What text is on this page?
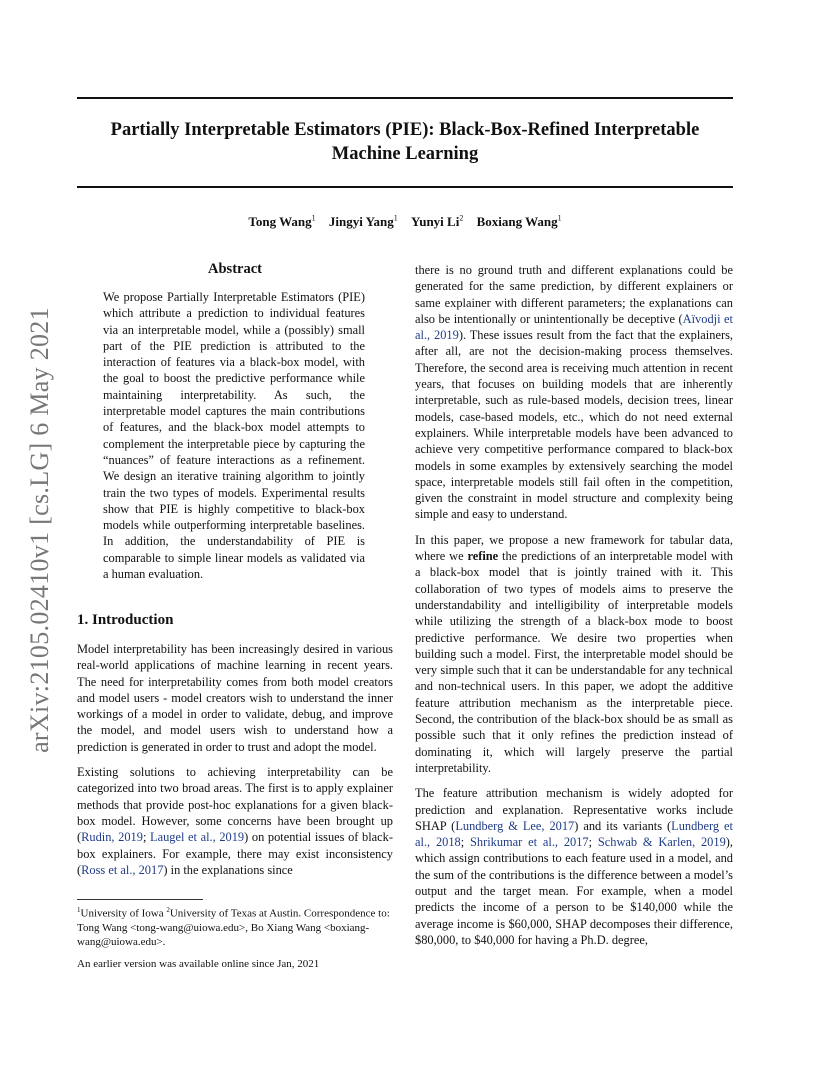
Partially Interpretable Estimators (PIE): Black-Box-Refined Interpretable Machine Learning
Tong Wang$^1$ Jingyi Yang$^1$ Yunyi Li$^2$ Boxiang Wang$^1$
arXiv:2105.02410v1 [cs.LG] 6 May 2021
Abstract
We propose Partially Interpretable Estimators (PIE) which attribute a prediction to individual features via an interpretable model, while a (possibly) small part of the PIE prediction is attributed to the interaction of features via a black-box model, with the goal to boost the predictive performance while maintaining interpretability. As such, the interpretable model captures the main contributions of features, and the black-box model attempts to complement the interpretable piece by capturing the “nuances” of feature interactions as a refinement. We design an iterative training algorithm to jointly train the two types of models. Experimental results show that PIE is highly competitive to black-box models while outperforming interpretable baselines. In addition, the understandability of PIE is comparable to simple linear models as validated via a human evaluation.
1. Introduction

Model interpretability has been increasingly desired in various real-world applications of machine learning in recent years. The need for interpretability comes from both model creators and model users - model creators wish to understand the inner workings of a model in order to validate, debug, and improve the model, and model users wish to understand how a prediction is generated in order to trust and adopt the model.

Existing solutions to achieving interpretability can be categorized into two broad areas. The first is to apply explainer methods that provide post-hoc explanations for a given black-box model. However, some concerns have been brought up (Rudin, 2019; Laugel et al., 2019) on potential issues of black-box explainers. For example, there may exist inconsistency (Ross et al., 2017) in the explanations since

there is no ground truth and different explanations could be generated for the same prediction, by different explainers or same explainer with different parameters; the explanations can also be intentionally or unintentionally be deceptive (Aïvodji et al., 2019). These issues result from the fact that the explainers, after all, are not the decision-making process themselves. Therefore, the second area is receiving much attention in recent years, that focuses on building models that are inherently interpretable, such as rule-based models, decision trees, linear models, case-based models, etc., which do not need external explainers. While interpretable models have been advanced to achieve very competitive performance compared to black-box models in some examples by extensively searching the model space, interpretable models still fail often in the competition, given the constraint in model structure and complexity being simple and easy to understand.

In this paper, we propose a new framework for tabular data, where we refine the predictions of an interpretable model with a black-box model that is jointly trained with it. This collaboration of two types of models aims to preserve the understandability and intelligibility of interpretable models while utilizing the strength of a black-box mode to boost predictive performance. We desire two properties when building such a model. First, the interpretable model should be very simple such that it can be understandable for any technical and non-technical users. In this paper, we adopt the additive feature attribution mechanism as the interpretable piece. Second, the contribution of the black-box should be as small as possible such that it only refines the prediction instead of dominating it, which will largely preserve the partial interpretability.

The feature attribution mechanism is widely adopted for prediction and explanation. Representative works include SHAP (Lundberg & Lee, 2017) and its variants (Lundberg et al., 2018; Shrikumar et al., 2017; Schwab & Karlen, 2019), which assign contributions to each feature used in a model, and the sum of the contributions is the difference between a model’s output and the target mean. For example, when a model predicts the income of a person to be $140,000 while the average income is $60,000, SHAP decomposes their difference, $80,000, to $40,000 for having a Ph.D. degree,

$^1$University of Iowa $^2$University of Texas at Austin. Correspondence to: Tong Wang <tong-wang@uiowa.edu>, Bo Xiang Wang <boxiang-wang@uiowa.edu>.
An earlier version was available online since Jan, 2021
